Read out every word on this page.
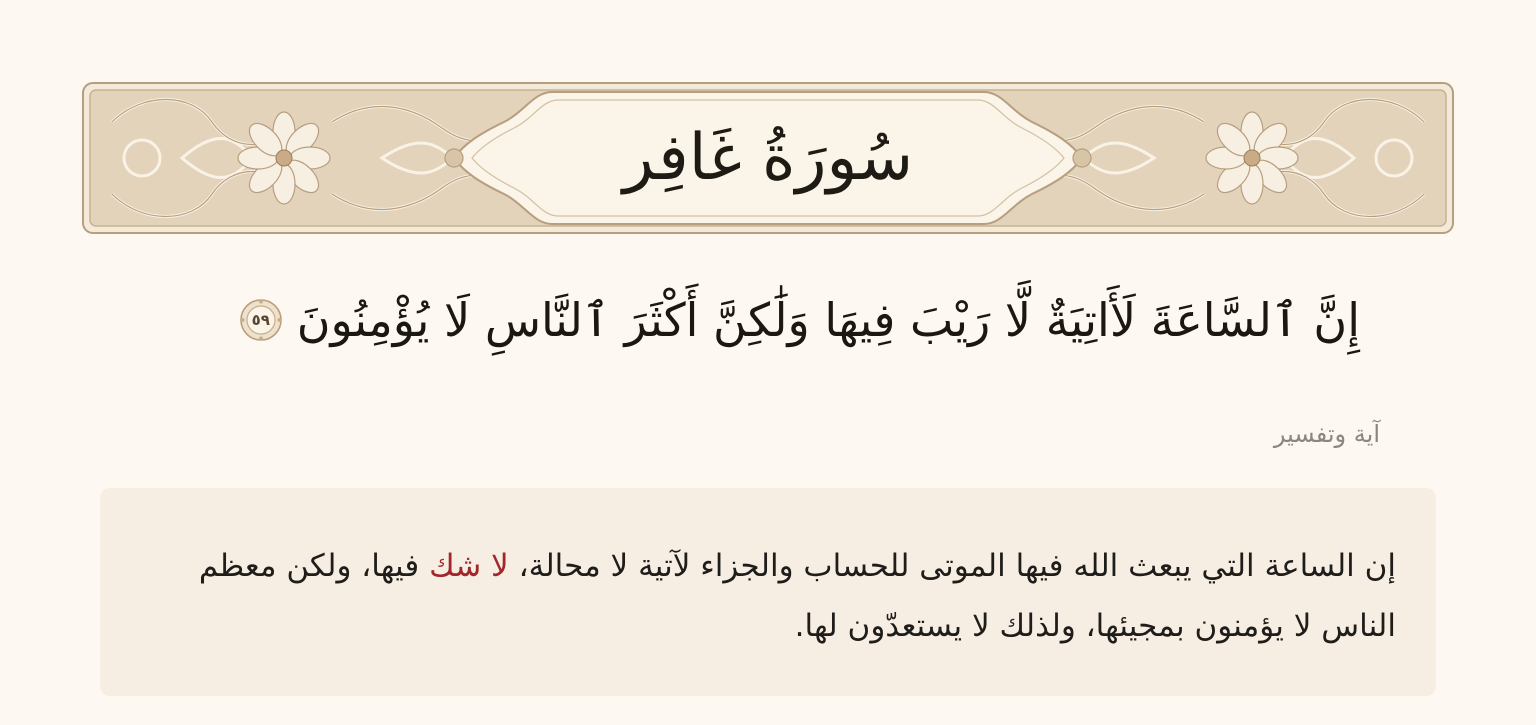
سُورَةُ غَافِر
إِنَّ ٱلسَّاعَةَ لَأَاتِيَةٌ لَّا رَيْبَ فِيهَا وَلَٰكِنَّ أَكْثَرَ ٱلنَّاسِ لَا يُؤْمِنُونَ
٥٩
آية وتفسير
إن الساعة التي يبعث الله فيها الموتى للحساب والجزاء لآتية لا محالة، لا شك فيها، ولكن معظم الناس لا يؤمنون بمجيئها، ولذلك لا يستعدّون لها.
